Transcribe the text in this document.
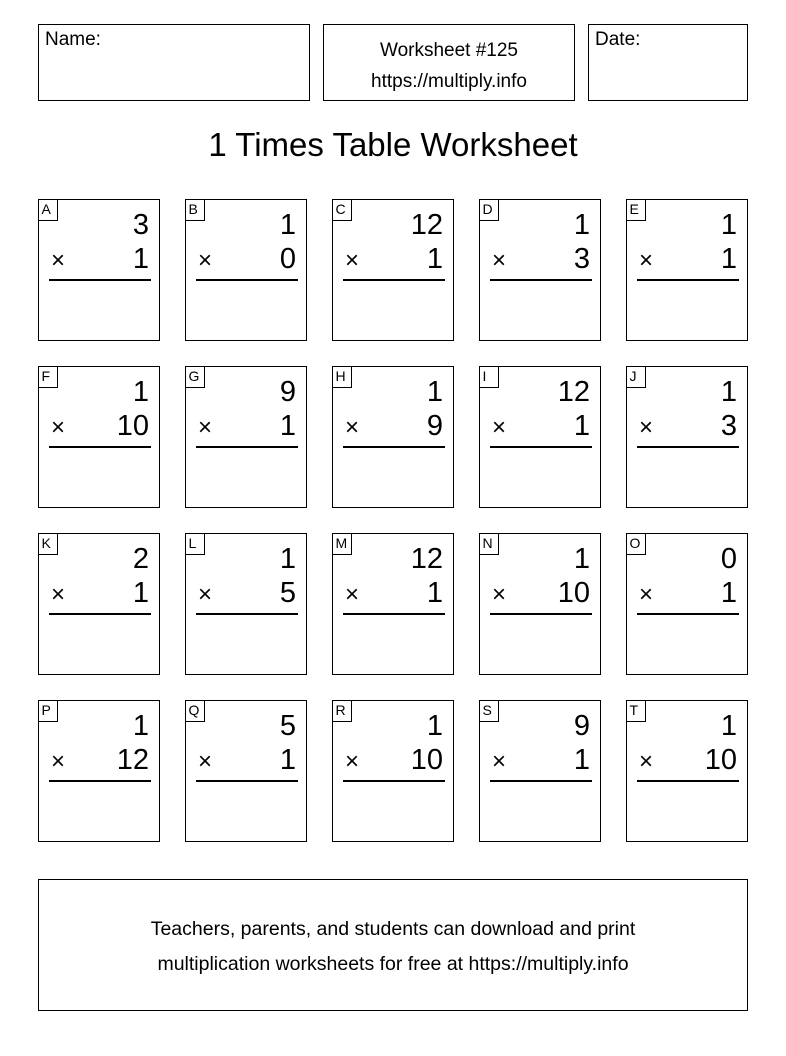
Name:
Worksheet #125
https://multiply.info
Date:
1 Times Table Worksheet
A
3
× 1
B
1
× 0
C
12
× 1
D
1
× 3
E
1
× 1
F
1
× 10
G
9
× 1
H
1
× 9
I
12
× 1
J
1
× 3
K
2
× 1
L
1
× 5
M
12
× 1
N
1
× 10
O
0
× 1
P
1
× 12
Q
5
× 1
R
1
× 10
S
9
× 1
T
1
× 10
Teachers, parents, and students can download and print
multiplication worksheets for free at https://multiply.info
